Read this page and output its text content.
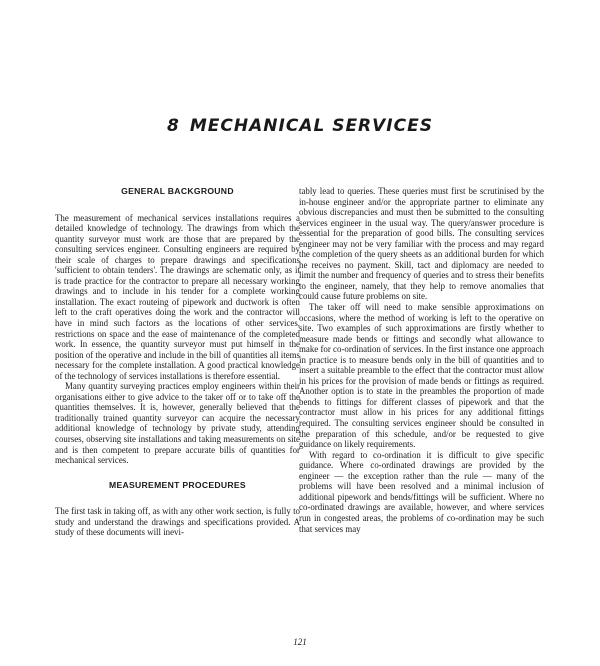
8 MECHANICAL SERVICES
GENERAL BACKGROUND

The measurement of mechanical services installations requires a detailed knowledge of technology. The drawings from which the quantity surveyor must work are those that are prepared by the consulting services engineer. Consulting engineers are required by their scale of charges to prepare drawings and specifications 'sufficient to obtain tenders'. The drawings are schematic only, as it is trade practice for the contractor to prepare all necessary working drawings and to include in his tender for a complete working installation. The exact routeing of pipework and ductwork is often left to the craft operatives doing the work and the contractor will have in mind such factors as the locations of other services, restrictions on space and the ease of maintenance of the completed work. In essence, the quantity surveyor must put himself in the position of the operative and include in the bill of quantities all items necessary for the complete installation. A good practical knowledge of the technology of services installations is therefore essential.

Many quantity surveying practices employ engineers within their organisations either to give advice to the taker off or to take off the quantities themselves. It is, however, generally believed that the traditionally trained quantity surveyor can acquire the necessary additional knowledge of technology by private study, attending courses, observing site installations and taking measurements on site and is then competent to prepare accurate bills of quantities for mechanical services.

MEASUREMENT PROCEDURES

The first task in taking off, as with any other work section, is fully to study and understand the drawings and specifications provided. A study of these documents will inevi-

tably lead to queries. These queries must first be scrutinised by the in-house engineer and/or the appropriate partner to eliminate any obvious discrepancies and must then be submitted to the consulting services engineer in the usual way. The query/answer procedure is essential for the preparation of good bills. The consulting services engineer may not be very familiar with the process and may regard the completion of the query sheets as an additional burden for which he receives no payment. Skill, tact and diplomacy are needed to limit the number and frequency of queries and to stress their benefits to the engineer, namely, that they help to remove anomalies that could cause future problems on site.

The taker off will need to make sensible approximations on occasions, where the method of working is left to the operative on site. Two examples of such approximations are firstly whether to measure made bends or fittings and secondly what allowance to make for co-ordination of services. In the first instance one approach in practice is to measure bends only in the bill of quantities and to insert a suitable preamble to the effect that the contractor must allow in his prices for the provision of made bends or fittings as required. Another option is to state in the preambles the proportion of made bends to fittings for different classes of pipework and that the contractor must allow in his prices for any additional fittings required. The consulting services engineer should be consulted in the preparation of this schedule, and/or be requested to give guidance on likely requirements.

With regard to co-ordination it is difficult to give specific guidance. Where co-ordinated drawings are provided by the engineer — the exception rather than the rule — many of the problems will have been resolved and a minimal inclusion of additional pipework and bends/fittings will be sufficient. Where no co-ordinated drawings are available, however, and where services run in congested areas, the problems of co-ordination may be such that services may

121
